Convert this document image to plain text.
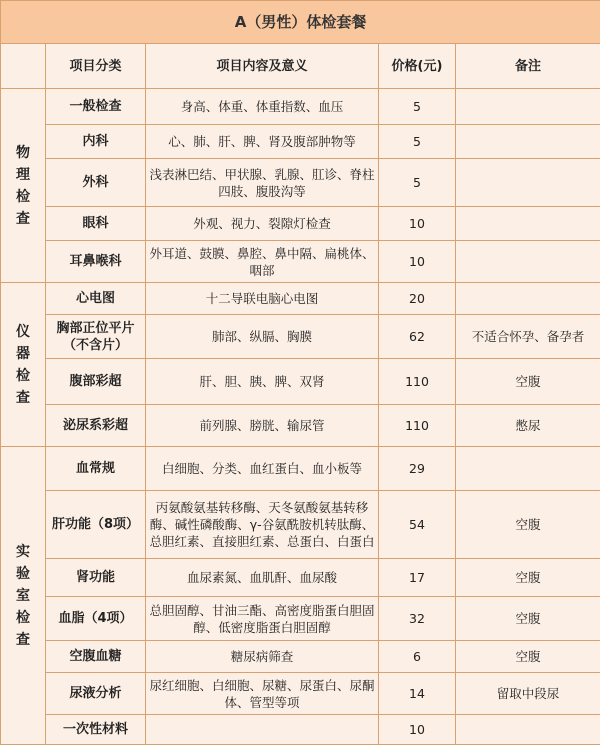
A（男性）体检套餐				
	项目分类	项目内容及意义	价格(元)	备注
物理检查	一般检查	身高、体重、体重指数、血压	5	
	内科	心、肺、肝、脾、肾及腹部肿物等	5	
	外科	浅表淋巴结、甲状腺、乳腺、肛诊、脊柱四肢、腹股沟等	5	
	眼科	外观、视力、裂隙灯检查	10	
	耳鼻喉科	外耳道、鼓膜、鼻腔、鼻中隔、扁桃体、咽部	10	
仪器检查	心电图	十二导联电脑心电图	20	
	胸部正位平片（不含片）	肺部、纵膈、胸膜	62	不适合怀孕、备孕者
	腹部彩超	肝、胆、胰、脾、双肾	110	空腹
	泌尿系彩超	前列腺、膀胱、输尿管	110	憋尿
实验室检查	血常规	白细胞、分类、血红蛋白、血小板等	29	
	肝功能（8项）	丙氨酸氨基转移酶、天冬氨酸氨基转移酶、碱性磷酸酶、γ-谷氨酰胺机转肽酶、总胆红素、直接胆红素、总蛋白、白蛋白	54	空腹
	肾功能	血尿素氮、血肌酐、血尿酸	17	空腹
	血脂（4项）	总胆固醇、甘油三酯、高密度脂蛋白胆固醇、低密度脂蛋白胆固醇	32	空腹
	空腹血糖	糖尿病筛查	6	空腹
	尿液分析	尿红细胞、白细胞、尿糖、尿蛋白、尿酮体、管型等项	14	留取中段尿
	一次性材料		10	
